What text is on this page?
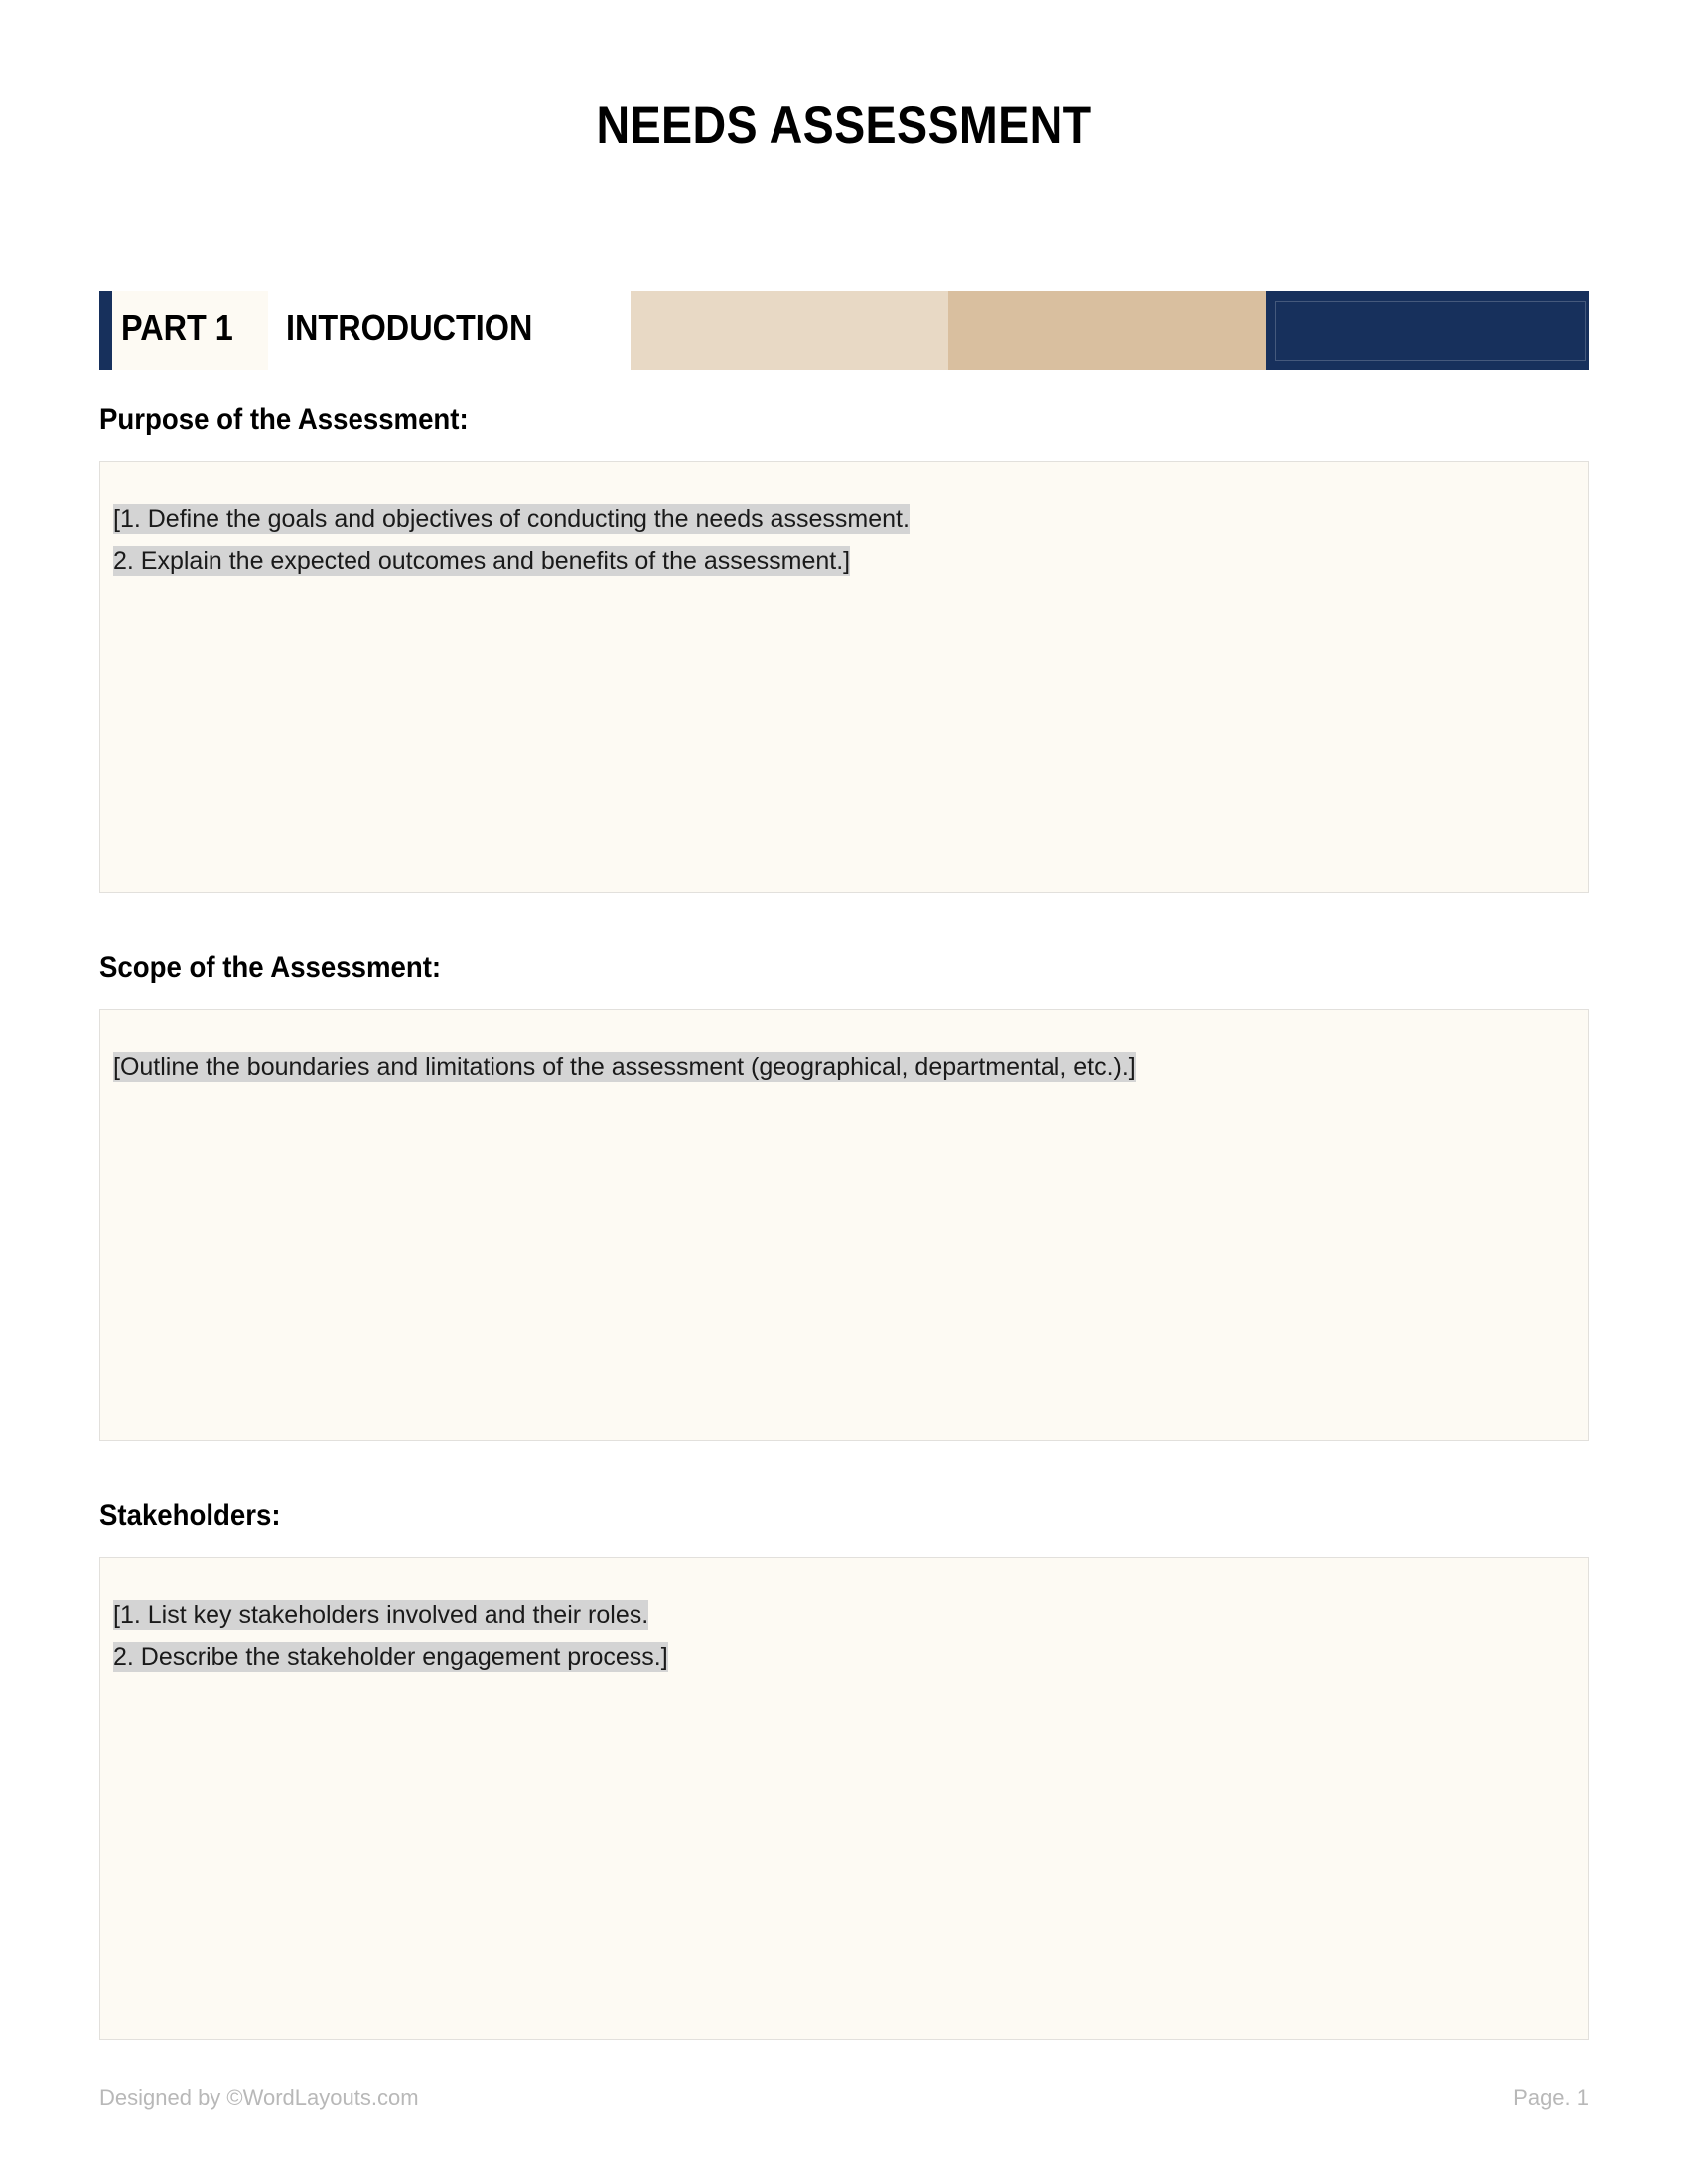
NEEDS ASSESSMENT
PART 1 INTRODUCTION
Purpose of the Assessment:
[1. Define the goals and objectives of conducting the needs assessment.
2. Explain the expected outcomes and benefits of the assessment.]
Scope of the Assessment:
[Outline the boundaries and limitations of the assessment (geographical, departmental, etc.).]
Stakeholders:
[1. List key stakeholders involved and their roles.
2. Describe the stakeholder engagement process.]
Designed by ©WordLayouts.com	Page. 1
